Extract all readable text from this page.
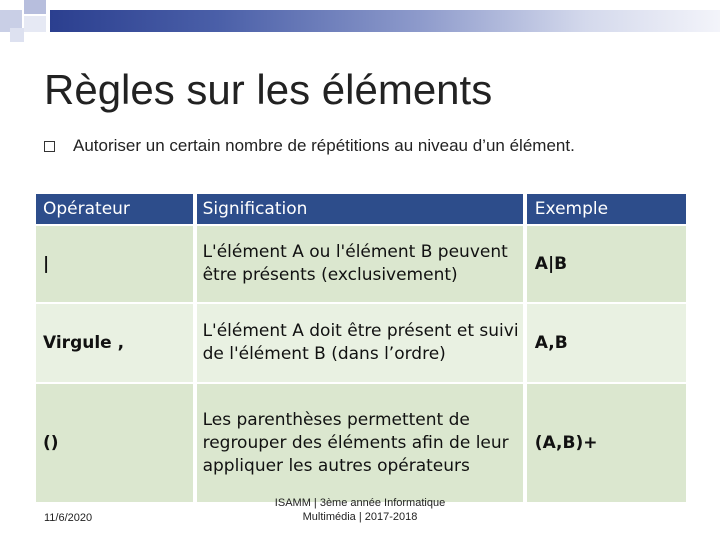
Règles sur les éléments
Autoriser un certain nombre de répétitions au niveau d’un élément.
Opérateur		Signification		Exemple
|		L'élément A ou l'élément B peuvent être présents (exclusivement)		A|B
Virgule ,		L'élément A doit être présent et suivi de l'élément B (dans l’ordre)		A,B
()		Les parenthèses permettent de regrouper des éléments afin de leur appliquer les autres opérateurs		(A,B)+
11/6/2020
ISAMM | 3ème année Informatique
Multimédia | 2017-2018
